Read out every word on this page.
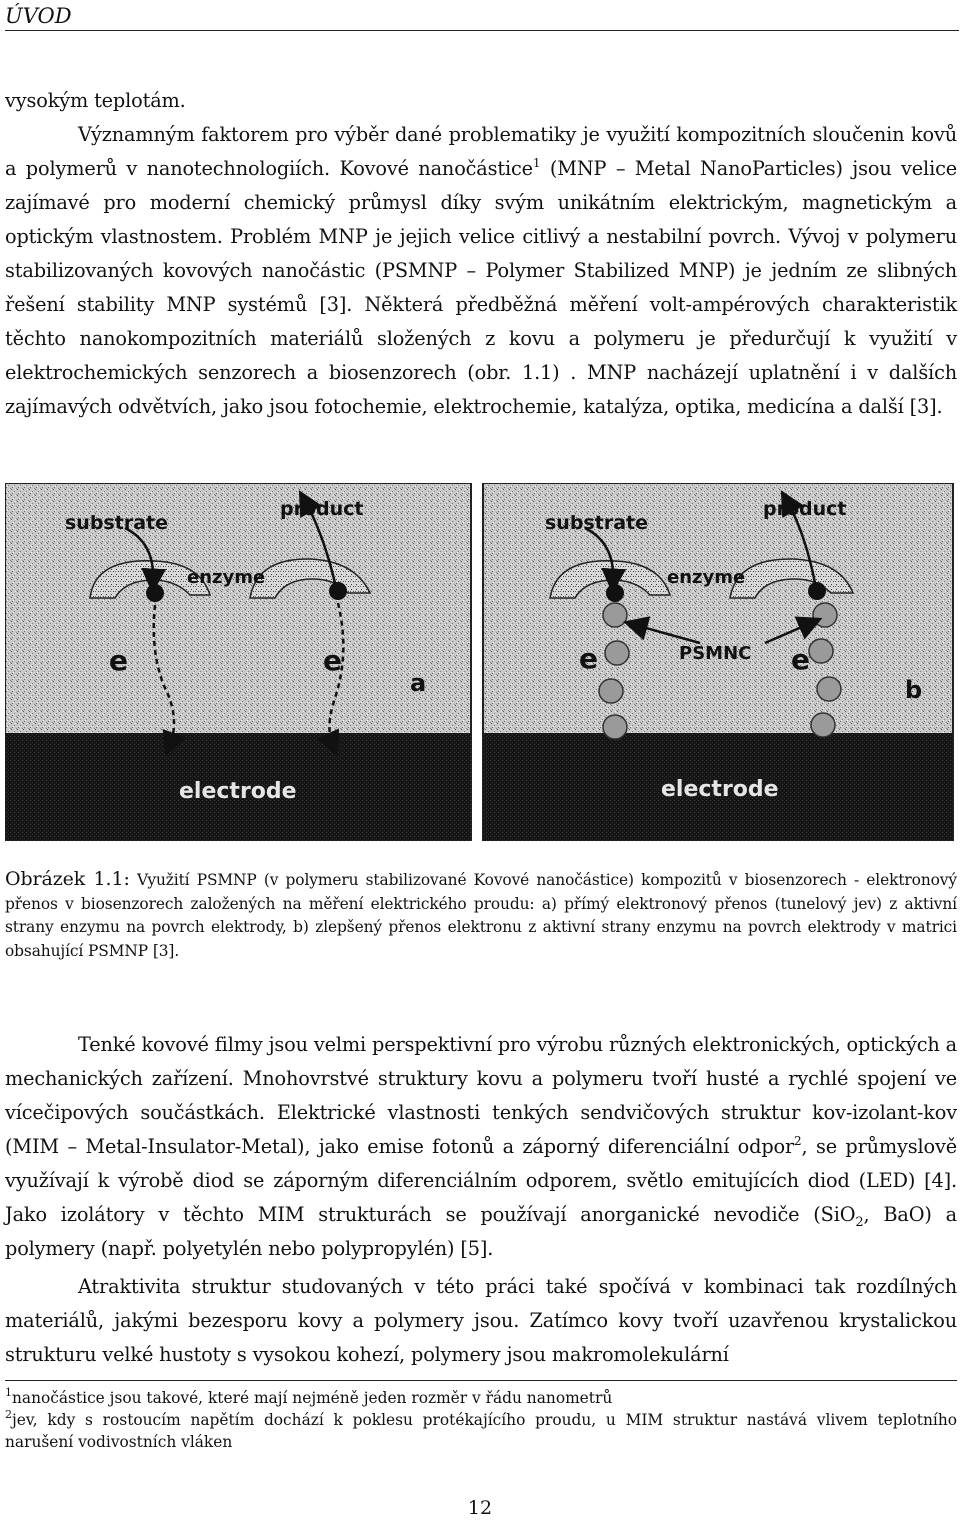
ÚVOD

vysokým teplotám.

Významným faktorem pro výběr dané problematiky je využití kompozitních sloučenin kovů a polymerů v nanotechnologiích. Kovové nanočástice$^1$ (MNP – Metal NanoParticles) jsou velice zajímavé pro moderní chemický průmysl díky svým unikátním elektrickým, magnetickým a optickým vlastnostem. Problém MNP je jejich velice citlivý a nestabilní povrch. Vývoj v polymeru stabilizovaných kovových nanočástic (PSMNP – Polymer Stabilized MNP) je jedním ze slibných řešení stability MNP systémů [3]. Některá předběžná měření volt-ampérových charakteristik těchto nanokompozitních materiálů složených z kovu a polymeru je předurčují k využití v elektrochemických senzorech a biosenzorech (obr. 1.1) . MNP nacházejí uplatnění i v dalších zajímavých odvětvích, jako jsou fotochemie, elektrochemie, katalýza, optika, medicína a další [3].

substrate
product
enzyme
e	e
a
electrode
substrate
product
enzyme
e	e
PSMNC
b
electrode
Obrázek 1.1: Využití PSMNP (v polymeru stabilizované Kovové nanočástice) kompozitů v biosenzorech - elektronový přenos v biosenzorech založených na měření elektrického proudu: a) přímý elektronový přenos (tunelový jev) z aktivní strany enzymu na povrch elektrody, b) zlepšený přenos elektronu z aktivní strany enzymu na povrch elektrody v matrici obsahující PSMNP [3].

Tenké kovové filmy jsou velmi perspektivní pro výrobu různých elektronických, optických a mechanických zařízení. Mnohovrstvé struktury kovu a polymeru tvoří husté a rychlé spojení ve vícečipových součástkách. Elektrické vlastnosti tenkých sendvičových struktur kov-izolant-kov (MIM – Metal-Insulator-Metal), jako emise fotonů a záporný diferenciální odpor$^2$, se průmyslově využívají k výrobě diod se záporným diferenciálním odporem, světlo emitujících diod (LED) [4]. Jako izolátory v těchto MIM strukturách se používají anorganické nevodiče (SiO$_2$, BaO) a polymery (např. polyetylén nebo polypropylén) [5].

Atraktivita struktur studovaných v této práci také spočívá v kombinaci tak rozdílných materiálů, jakými bezesporu kovy a polymery jsou. Zatímco kovy tvoří uzavřenou krystalickou strukturu velké hustoty s vysokou kohezí, polymery jsou makromolekulární

$^1$nanočástice jsou takové, které mají nejméně jeden rozměr v řádu nanometrů

$^2$jev, kdy s rostoucím napětím dochází k poklesu protékajícího proudu, u MIM struktur nastává vlivem teplotního narušení vodivostních vláken

12
